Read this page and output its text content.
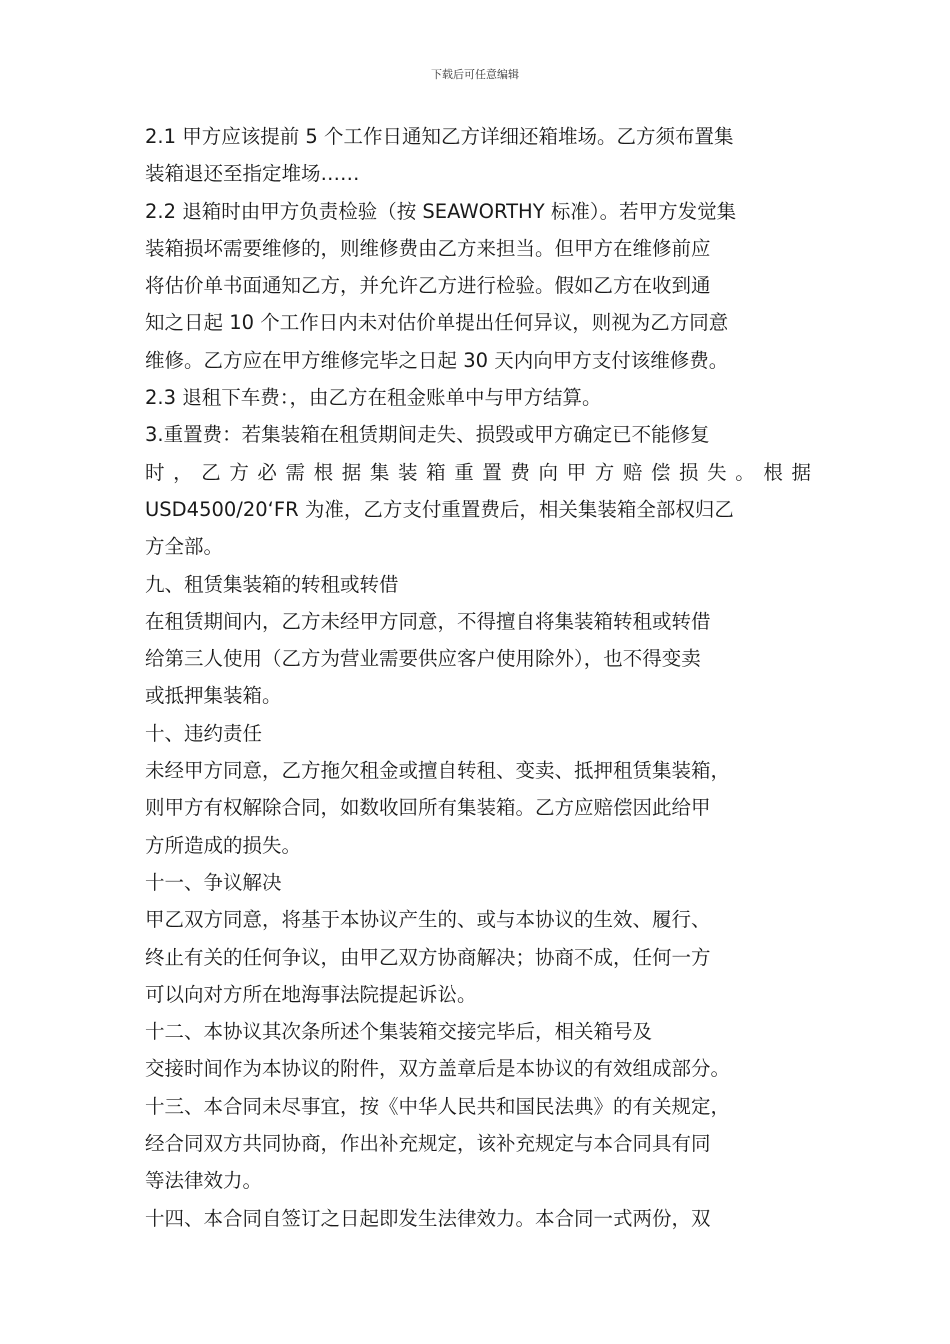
下载后可任意编辑
2.1 甲方应该提前 5 个工作日通知乙方详细还箱堆场。乙方须布置集
装箱退还至指定堆场……
2.2 退箱时由甲方负责检验（按 SEAWORTHY 标准）。若甲方发觉集
装箱损坏需要维修的，则维修费由乙方来担当。但甲方在维修前应
将估价单书面通知乙方，并允许乙方进行检验。假如乙方在收到通
知之日起 10 个工作日内未对估价单提出任何异议，则视为乙方同意
维修。乙方应在甲方维修完毕之日起 30 天内向甲方支付该维修费。
2.3 退租下车费：，由乙方在租金账单中与甲方结算。
3.重置费：若集装箱在租赁期间走失、损毁或甲方确定已不能修复
时，乙方必需根据集装箱重置费向甲方赔偿损失。根据
USD4500/20‘FR 为准，乙方支付重置费后，相关集装箱全部权归乙
方全部。
九、租赁集装箱的转租或转借
在租赁期间内，乙方未经甲方同意，不得擅自将集装箱转租或转借
给第三人使用（乙方为营业需要供应客户使用除外），也不得变卖
或抵押集装箱。
十、违约责任
未经甲方同意，乙方拖欠租金或擅自转租、变卖、抵押租赁集装箱，
则甲方有权解除合同，如数收回所有集装箱。乙方应赔偿因此给甲
方所造成的损失。
十一、争议解决
甲乙双方同意，将基于本协议产生的、或与本协议的生效、履行、
终止有关的任何争议，由甲乙双方协商解决；协商不成，任何一方
可以向对方所在地海事法院提起诉讼。
十二、本协议其次条所述个集装箱交接完毕后，相关箱号及
交接时间作为本协议的附件，双方盖章后是本协议的有效组成部分。
十三、本合同未尽事宜，按《中华人民共和国民法典》的有关规定，
经合同双方共同协商，作出补充规定，该补充规定与本合同具有同
等法律效力。
十四、本合同自签订之日起即发生法律效力。本合同一式两份，双
